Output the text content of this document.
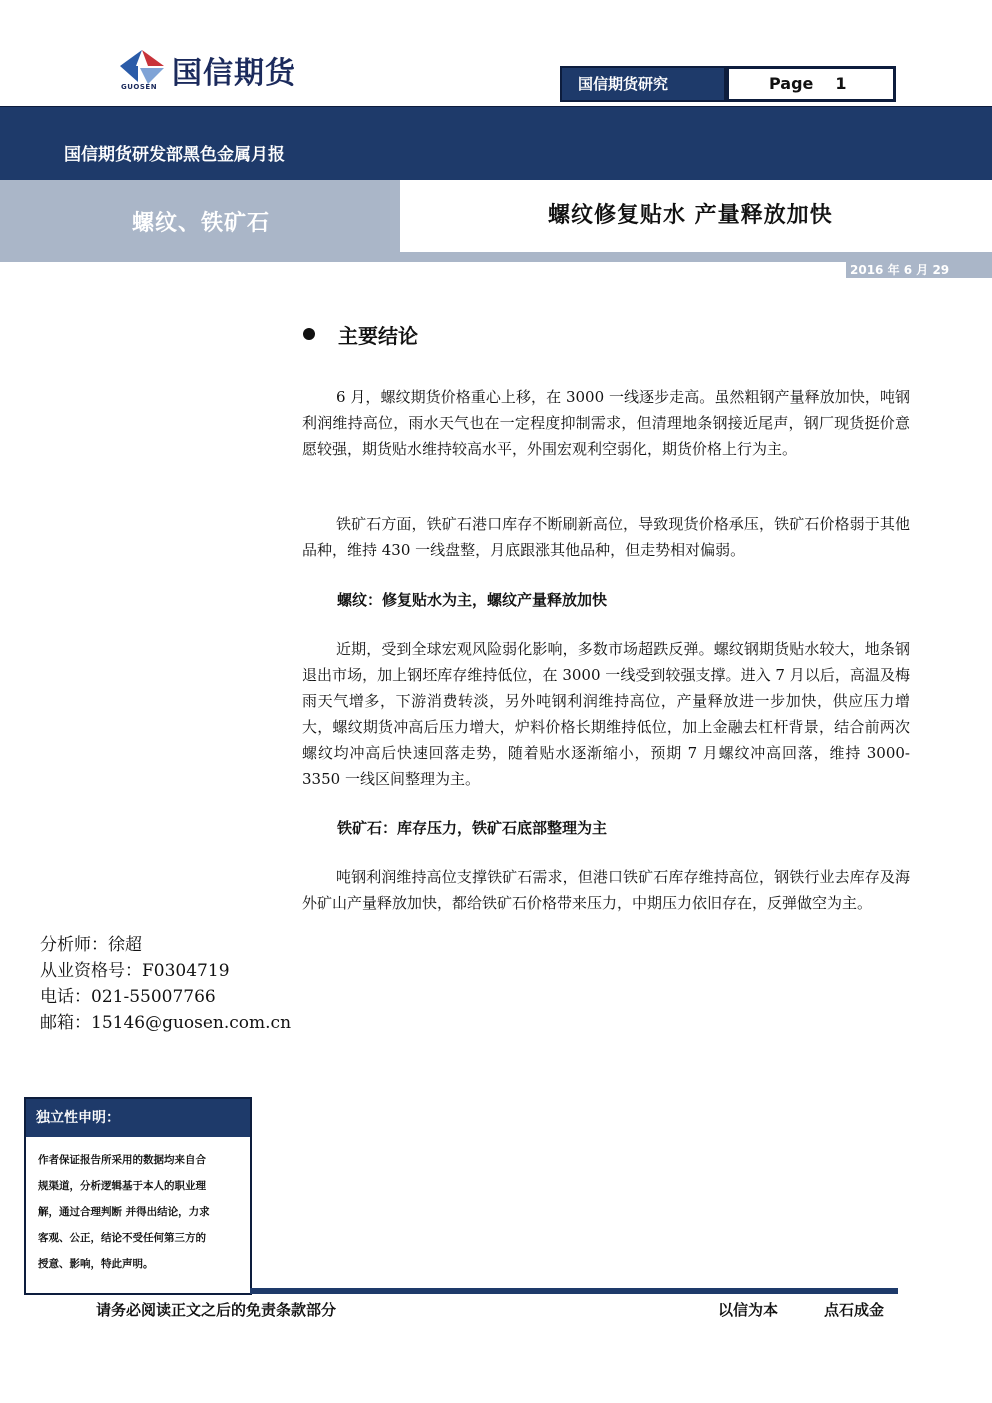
国信期货
GUOSEN	国信期货研究	Page 1
国信期货研发部黑色金属月报
螺纹、铁矿石	螺纹修复贴水 产量释放加快
2016 年 6 月 29 日
主要结论

6 月，螺纹期货价格重心上移，在 3000 一线逐步走高。虽然粗钢产量释放加快，吨钢利润维持高位，雨水天气也在一定程度抑制需求，但清理地条钢接近尾声，钢厂现货挺价意愿较强，期货贴水维持较高水平，外围宏观利空弱化，期货价格上行为主。

铁矿石方面，铁矿石港口库存不断刷新高位，导致现货价格承压，铁矿石价格弱于其他品种，维持 430 一线盘整，月底跟涨其他品种，但走势相对偏弱。

螺纹：修复贴水为主，螺纹产量释放加快

近期，受到全球宏观风险弱化影响，多数市场超跌反弹。螺纹钢期货贴水较大，地条钢退出市场，加上钢坯库存维持低位，在 3000 一线受到较强支撑。进入 7 月以后，高温及梅雨天气增多，下游消费转淡，另外吨钢利润维持高位，产量释放进一步加快，供应压力增大，螺纹期货冲高后压力增大，炉料价格长期维持低位，加上金融去杠杆背景，结合前两次螺纹均冲高后快速回落走势，随着贴水逐渐缩小，预期 7 月螺纹冲高回落，维持 3000-3350 一线区间整理为主。

铁矿石：库存压力，铁矿石底部整理为主

吨钢利润维持高位支撑铁矿石需求，但港口铁矿石库存维持高位，钢铁行业去库存及海外矿山产量释放加快，都给铁矿石价格带来压力，中期压力依旧存在，反弹做空为主。

分析师：徐超
从业资格号：F0304719
电话：021-55007766
邮箱：15146@guosen.com.cn
独立性申明：
作者保证报告所采用的数据均来自合
规渠道，分析逻辑基于本人的职业理
解，通过合理判断 并得出结论，力求
客观、公正，结论不受任何第三方的
授意、影响，特此声明。
请务必阅读正文之后的免责条款部分	以信为本	点石成金
